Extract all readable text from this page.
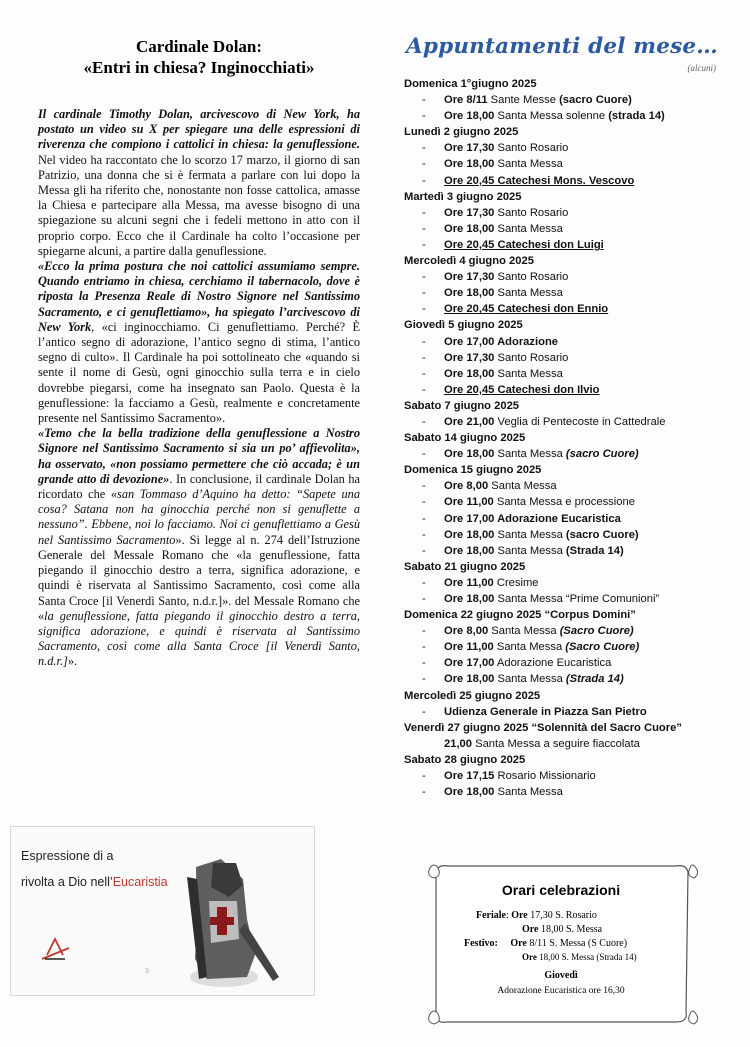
Cardinale Dolan:
«Entri in chiesa? Inginocchiati»

Il cardinale Timothy Dolan, arcivescovo di New York, ha postato un video su X per spiegare una delle espressioni di riverenza che compiono i cattolici in chiesa: la genuflessione. Nel video ha raccontato che lo scorzo 17 marzo, il giorno di san Patrizio, una donna che si è fermata a parlare con lui dopo la Messa gli ha riferito che, nonostante non fosse cattolica, amasse la Chiesa e partecipare alla Messa, ma avesse bisogno di una spiegazione su alcuni segni che i fedeli mettono in atto con il proprio corpo. Ecco che il Cardinale ha colto l’occasione per spiegarne alcuni, a partire dalla genuflessione.

«Ecco la prima postura che noi cattolici assumiamo sempre. Quando entriamo in chiesa, cerchiamo il tabernacolo, dove è riposta la Presenza Reale di Nostro Signore nel Santissimo Sacramento, e ci genuflettiamo», ha spiegato l’arcivescovo di New York, «ci inginocchiamo. Ci genuflettiamo. Perché? È l’antico segno di adorazione, l’antico segno di stima, l’antico segno di culto». Il Cardinale ha poi sottolineato che «quando si sente il nome di Gesù, ogni ginocchio sulla terra e in cielo dovrebbe piegarsi, come ha insegnato san Paolo. Questa è la genuflessione: la facciamo a Gesù, realmente e concretamente presente nel Santissimo Sacramento».

«Temo che la bella tradizione della genuflessione a Nostro Signore nel Santissimo Sacramento si sia un po’ affievolita», ha osservato, «non possiamo permettere che ciò accada; è un grande atto di devozione». In conclusione, il cardinale Dolan ha ricordato che «san Tommaso d’Aquino ha detto: “Sapete una cosa? Satana non ha ginocchia perché non si genuflette a nessuno”. Ebbene, noi lo facciamo. Noi ci genuflettiamo a Gesù nel Santissimo Sacramento». Si legge al n. 274 dell’Istruzione Generale del Messale Romano che «la genuflessione, fatta piegando il ginocchio destro a terra, significa adorazione, e quindi è riservata al Santissimo Sacramento, così come alla Santa Croce [il Venerdì Santo, n.d.r.]». del Messale Romano che «la genuflessione, fatta piegando il ginocchio destro a terra, significa adorazione, e quindi è riservata al Santissimo Sacramento, così come alla Santa Croce [il Venerdì Santo, n.d.r.]».

3
Espressione di a
rivolta a Dio nell’Eucaristia
Appuntamenti del mese…
(alcuni)
Domenica 1°giugno 2025
- Ore 8/11 Sante Messe (sacro Cuore)
- Ore 18,00 Santa Messa solenne (strada 14)
Lunedì 2 giugno 2025
- Ore 17,30 Santo Rosario
- Ore 18,00 Santa Messa
- Ore 20,45 Catechesi Mons. Vescovo
Martedì 3 giugno 2025
- Ore 17,30 Santo Rosario
- Ore 18,00 Santa Messa
- Ore 20,45 Catechesi don Luigi
Mercoledì 4 giugno 2025
- Ore 17,30 Santo Rosario
- Ore 18,00 Santa Messa
- Ore 20,45 Catechesi don Ennio
Giovedì 5 giugno 2025
- Ore 17,00 Adorazione
- Ore 17,30 Santo Rosario
- Ore 18,00 Santa Messa
- Ore 20,45 Catechesi don Ilvio
Sabato 7 giugno 2025
- Ore 21,00 Veglia di Pentecoste in Cattedrale
Sabato 14 giugno 2025
- Ore 18,00 Santa Messa (sacro Cuore)
Domenica 15 giugno 2025
- Ore 8,00 Santa Messa
- Ore 11,00 Santa Messa e processione
- Ore 17,00 Adorazione Eucaristica
- Ore 18,00 Santa Messa (sacro Cuore)
- Ore 18,00 Santa Messa (Strada 14)
Sabato 21 giugno 2025
- Ore 11,00 Cresime
- Ore 18,00 Santa Messa “Prime Comunioni”
Domenica 22 giugno 2025 “Corpus Domini”
- Ore 8,00 Santa Messa (Sacro Cuore)
- Ore 11,00 Santa Messa (Sacro Cuore)
- Ore 17,00 Adorazione Eucaristica
- Ore 18,00 Santa Messa (Strada 14)
Mercoledì 25 giugno 2025
- Udienza Generale in Piazza San Pietro
Venerdì 27 giugno 2025 “Solennità del Sacro Cuore”
21,00 Santa Messa a seguire fiaccolata
Sabato 28 giugno 2025
- Ore 17,15 Rosario Missionario
- Ore 18,00 Santa Messa
Orari celebrazioni
Feriale: Ore 17,30 S. Rosario
Ore 18,00 S. Messa
Festivo: Ore 8/11 S. Messa (S Cuore)
Ore 18,00 S. Messa (Strada 14)
Giovedì
Adorazione Eucaristica ore 16,30
